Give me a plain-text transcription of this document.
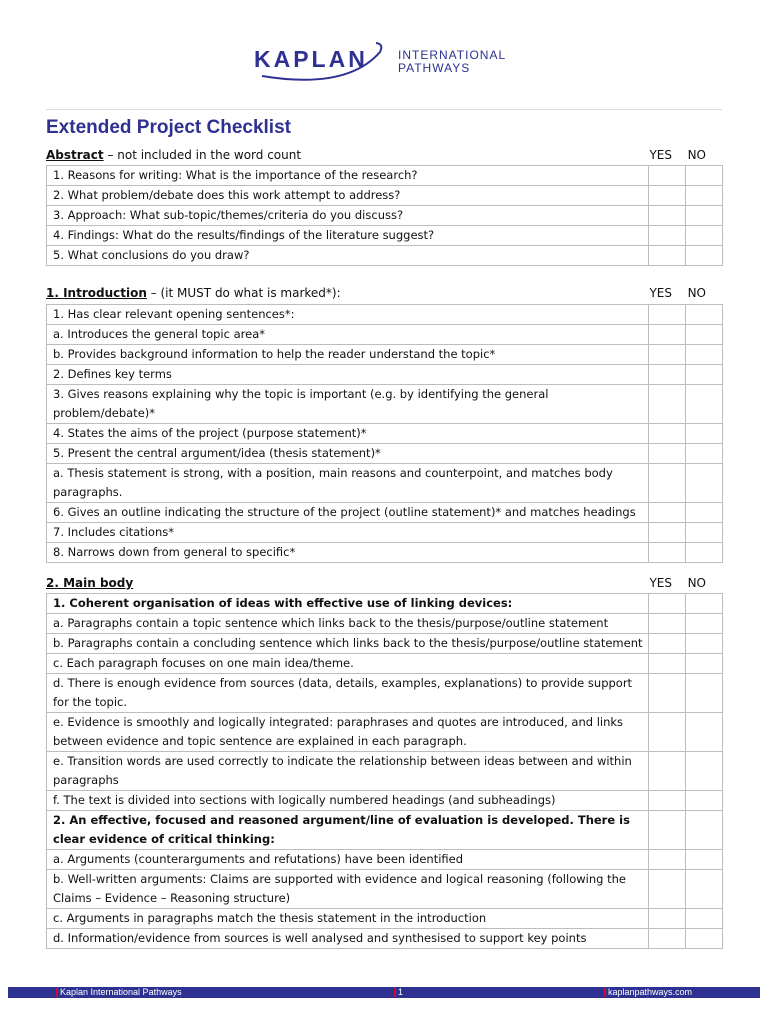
KAPLAN	INTERNATIONAL
PATHWAYS
Extended Project Checklist
Abstract – not included in the word count	YES NO
1. Reasons for writing: What is the importance of the research?		
2. What problem/debate does this work attempt to address?		
3. Approach: What sub-topic/themes/criteria do you discuss?		
4. Findings: What do the results/findings of the literature suggest?		
5. What conclusions do you draw?		
1. Introduction – (it MUST do what is marked*):	YES NO
1. Has clear relevant opening sentences*:		
a. Introduces the general topic area*		
b. Provides background information to help the reader understand the topic*		
2. Defines key terms		
3. Gives reasons explaining why the topic is important (e.g. by identifying the general problem/debate)*		
4. States the aims of the project (purpose statement)*		
5. Present the central argument/idea (thesis statement)*		
a. Thesis statement is strong, with a position, main reasons and counterpoint, and matches body paragraphs.		
6. Gives an outline indicating the structure of the project (outline statement)* and matches headings		
7. Includes citations*		
8. Narrows down from general to specific*		
2. Main body	YES NO
1. Coherent organisation of ideas with effective use of linking devices:		
a. Paragraphs contain a topic sentence which links back to the thesis/purpose/outline statement		
b. Paragraphs contain a concluding sentence which links back to the thesis/purpose/outline statement		
c. Each paragraph focuses on one main idea/theme.		
d. There is enough evidence from sources (data, details, examples, explanations) to provide support for the topic.		
e. Evidence is smoothly and logically integrated: paraphrases and quotes are introduced, and links between evidence and topic sentence are explained in each paragraph.		
e. Transition words are used correctly to indicate the relationship between ideas between and within paragraphs		
f. The text is divided into sections with logically numbered headings (and subheadings)		
2. An effective, focused and reasoned argument/line of evaluation is developed. There is clear evidence of critical thinking:		
a. Arguments (counterarguments and refutations) have been identified		
b. Well-written arguments: Claims are supported with evidence and logical reasoning (following the Claims – Evidence – Reasoning structure)		
c. Arguments in paragraphs match the thesis statement in the introduction		
d. Information/evidence from sources is well analysed and synthesised to support key points		
Kaplan International Pathways	1	kaplanpathways.com
